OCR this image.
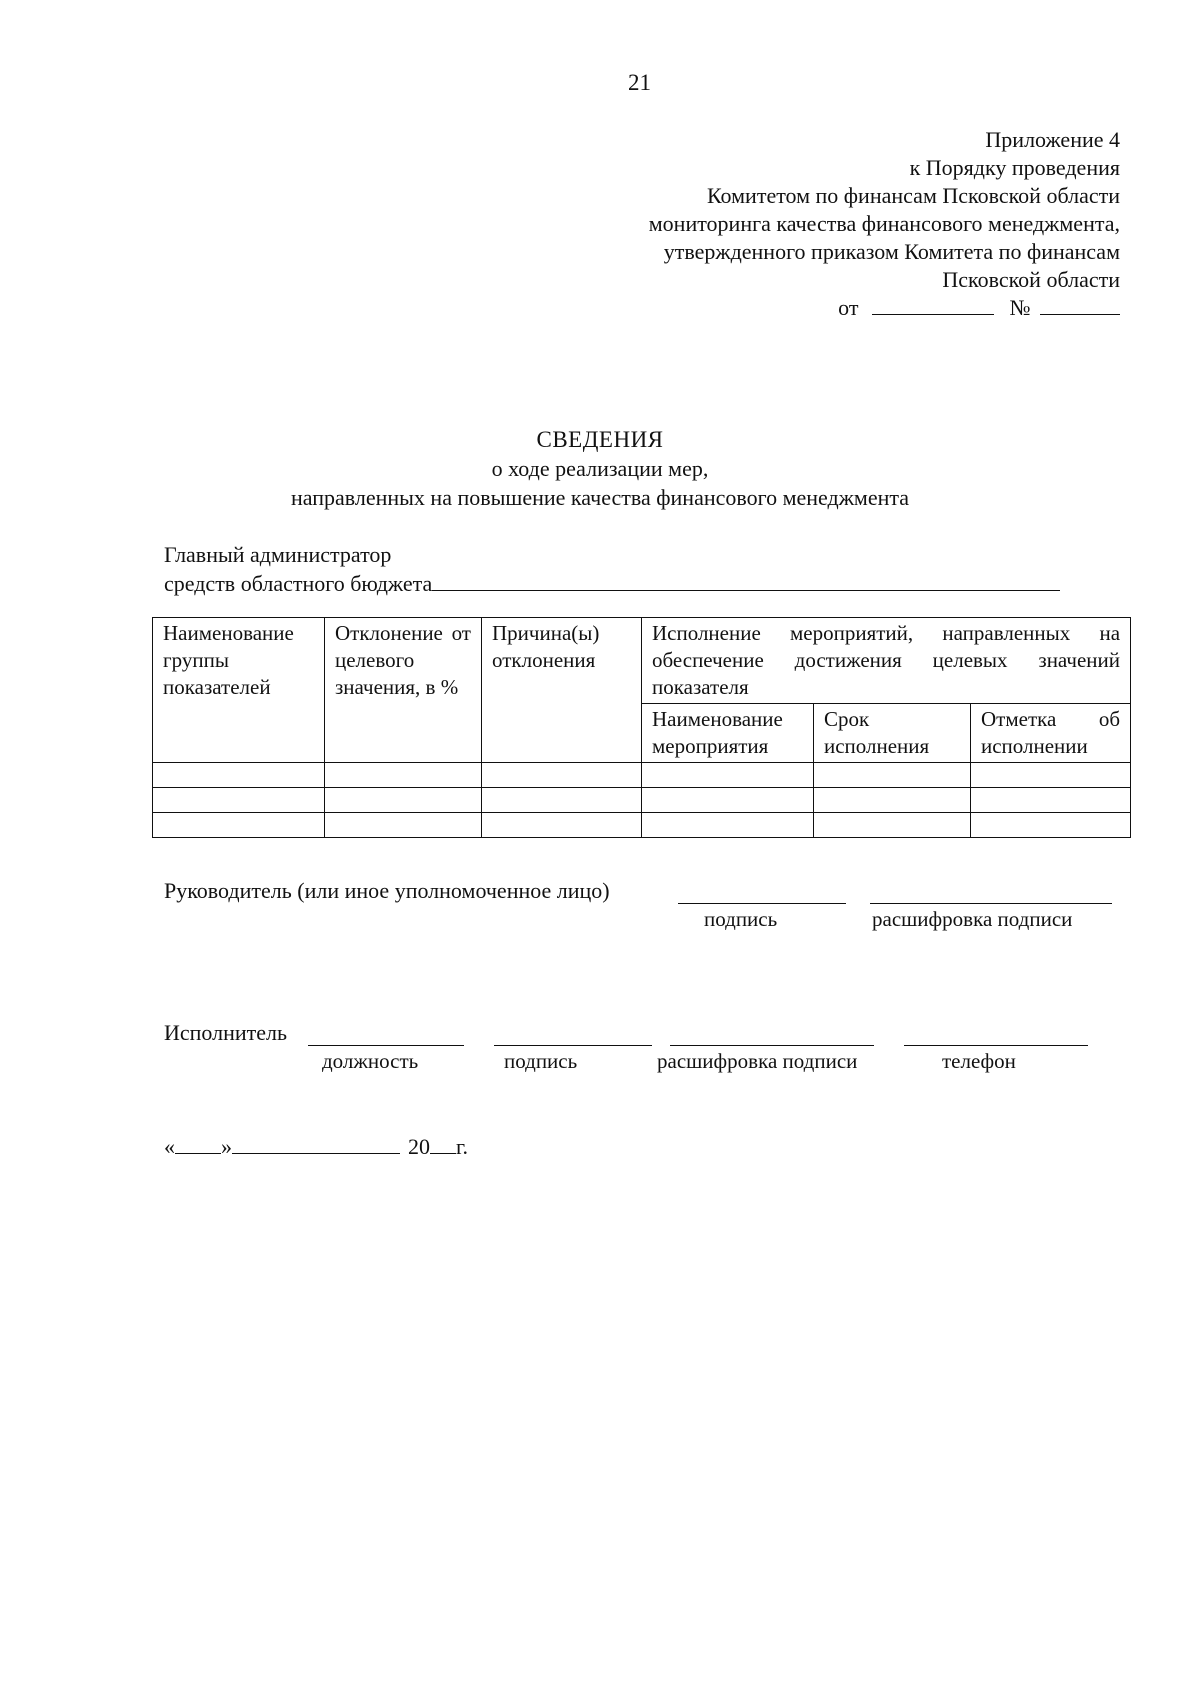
21
Приложение 4
к Порядку проведения
Комитетом по финансам Псковской области
мониторинга качества финансового менеджмента,
утвержденного приказом Комитета по финансам
Псковской области
от	№
СВЕДЕНИЯ
о ходе реализации мер,
направленных на повышение качества финансового менеджмента
Главный администратор
средств областного бюджета
Наименование группы показателей	Отклонение от целевого значения, в %	Причина(ы) отклонения	Исполнение мероприятий, направленных на обеспечение достижения целевых значений показателя		

			Наименование мероприятия	Срок исполнения	Отметка об исполнении

Руководитель (или иное уполномоченное лицо)
подпись	расшифровка подписи
Исполнитель
должность	подпись	расшифровка подписи	телефон
« »	20 г.
